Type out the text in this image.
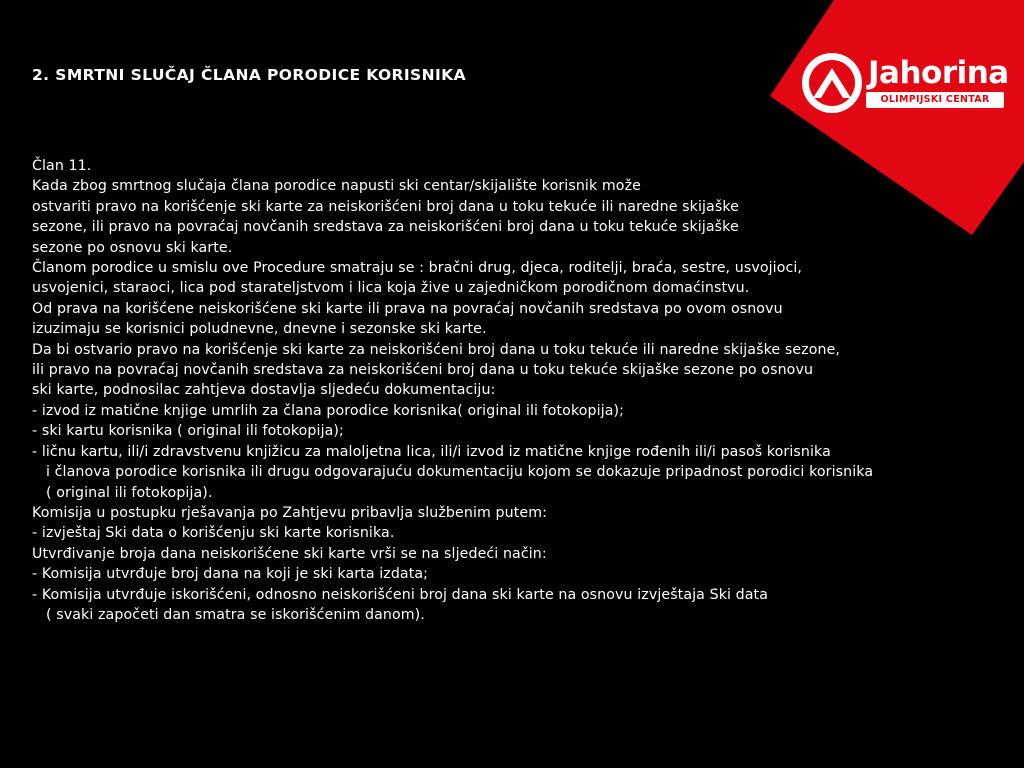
Jahorina
OLIMPIJSKI CENTAR
2. SMRTNI SLUČAJ ČLANA PORODICE KORISNIKA
Član 11.
Kada zbog smrtnog slučaja člana porodice napusti ski centar/skijalište korisnik može
ostvariti pravo na korišćenje ski karte za neiskorišćeni broj dana u toku tekuće ili naredne skijaške
sezone, ili pravo na povraćaj novčanih sredstava za neiskorišćeni broj dana u toku tekuće skijaške
sezone po osnovu ski karte.
Članom porodice u smislu ove Procedure smatraju se : bračni drug, djeca, roditelji, braća, sestre, usvojioci,
usvojenici, staraoci, lica pod starateljstvom i lica koja žive u zajedničkom porodičnom domaćinstvu.
Od prava na korišćene neiskorišćene ski karte ili prava na povraćaj novčanih sredstava po ovom osnovu
izuzimaju se korisnici poludnevne, dnevne i sezonske ski karte.
Da bi ostvario pravo na korišćenje ski karte za neiskorišćeni broj dana u toku tekuće ili naredne skijaške sezone,
ili pravo na povraćaj novčanih sredstava za neiskorišćeni broj dana u toku tekuće skijaške sezone po osnovu
ski karte, podnosilac zahtjeva dostavlja sljedeću dokumentaciju:
- izvod iz matične knjige umrlih za člana porodice korisnika( original ili fotokopija);
- ski kartu korisnika ( original ili fotokopija);
- ličnu kartu, ili/i zdravstvenu knjižicu za maloljetna lica, ili/i izvod iz matične knjige rođenih ili/i pasoš korisnika
i članova porodice korisnika ili drugu odgovarajuću dokumentaciju kojom se dokazuje pripadnost porodici korisnika
( original ili fotokopija).
Komisija u postupku rješavanja po Zahtjevu pribavlja službenim putem:
- izvještaj Ski data o korišćenju ski karte korisnika.
Utvrđivanje broja dana neiskorišćene ski karte vrši se na sljedeći način:
- Komisija utvrđuje broj dana na koji je ski karta izdata;
- Komisija utvrđuje iskorišćeni, odnosno neiskorišćeni broj dana ski karte na osnovu izvještaja Ski data
( svaki započeti dan smatra se iskorišćenim danom).
